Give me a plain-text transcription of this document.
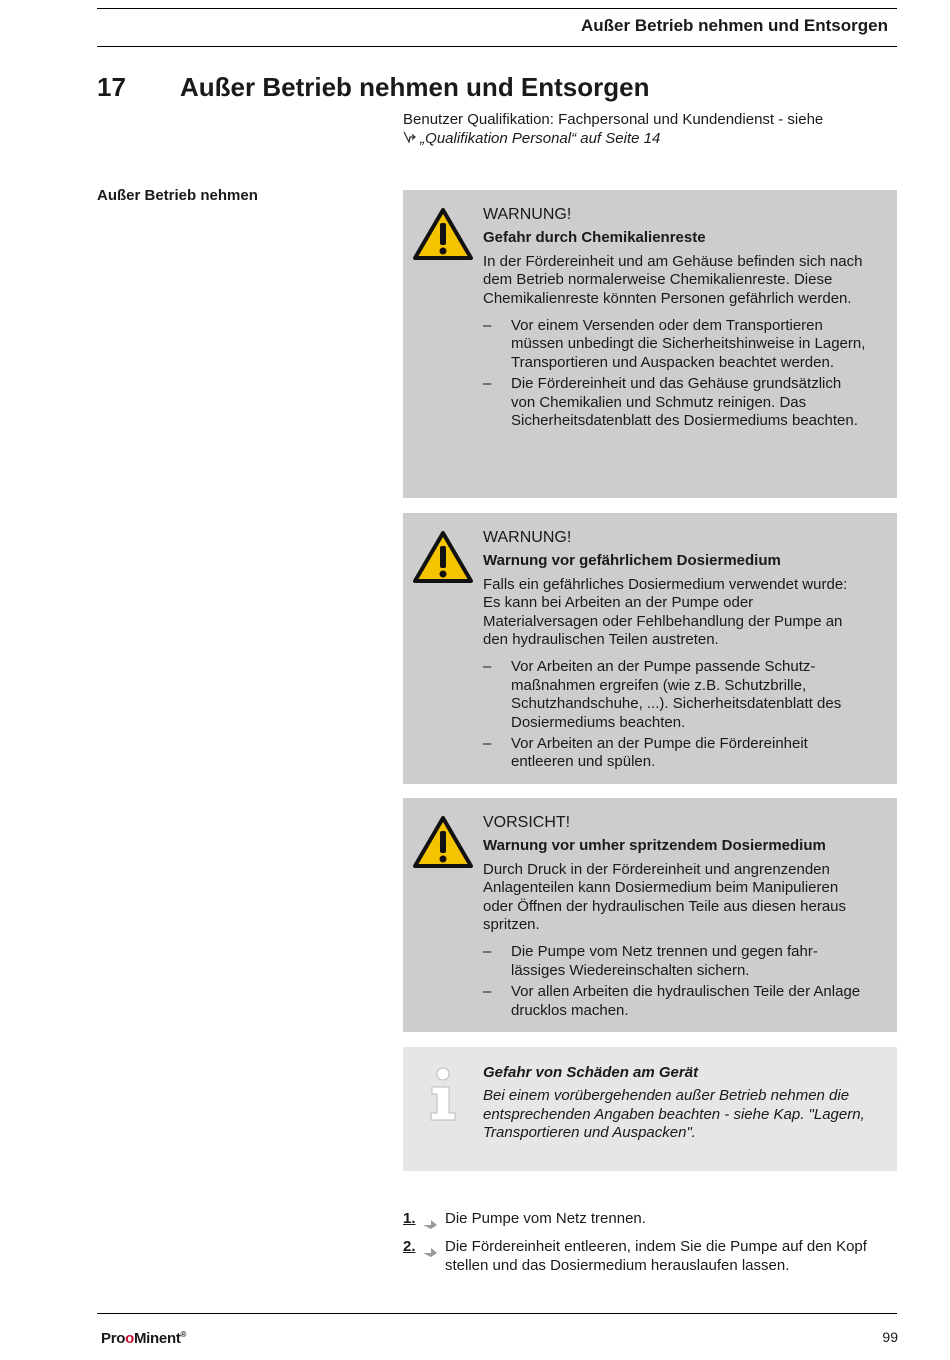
Außer Betrieb nehmen und Entsorgen
17 Außer Betrieb nehmen und Entsorgen
Benutzer Qualifikation: Fachpersonal und Kundendienst - siehe
„Qualifikation Personal“ auf Seite 14
Außer Betrieb nehmen
WARNUNG!
Gefahr durch Chemikalienreste
In der Fördereinheit und am Gehäuse befinden sich nach dem Betrieb normalerweise Chemikalienreste. Diese Chemikalienreste könnten Personen gefährlich werden.
– Vor einem Versenden oder dem Transportieren müssen unbedingt die Sicherheitshinweise in Lagern, Transportieren und Auspacken beachtet werden.
– Die Fördereinheit und das Gehäuse grundsätzlich von Chemikalien und Schmutz reinigen. Das Sicherheitsdatenblatt des Dosiermediums beachten.
WARNUNG!
Warnung vor gefährlichem Dosiermedium
Falls ein gefährliches Dosiermedium verwendet wurde: Es kann bei Arbeiten an der Pumpe oder Materialversagen oder Fehlbehandlung der Pumpe an den hydraulischen Teilen austreten.
– Vor Arbeiten an der Pumpe passende Schutzmaßnahmen ergreifen (wie z.B. Schutzbrille, Schutzhandschuhe, ...). Sicherheitsdatenblatt des Dosiermediums beachten.
– Vor Arbeiten an der Pumpe die Fördereinheit entleeren und spülen.
VORSICHT!
Warnung vor umher spritzendem Dosiermedium
Durch Druck in der Fördereinheit und angrenzenden Anlagenteilen kann Dosiermedium beim Manipulieren oder Öffnen der hydraulischen Teile aus diesen heraus spritzen.
– Die Pumpe vom Netz trennen und gegen fahrlässiges Wiedereinschalten sichern.
– Vor allen Arbeiten die hydraulischen Teile der Anlage drucklos machen.
Gefahr von Schäden am Gerät
Bei einem vorübergehenden außer Betrieb nehmen die entsprechenden Angaben beachten - siehe Kap. "Lagern, Transportieren und Auspacken".
1. Die Pumpe vom Netz trennen.
2. Die Fördereinheit entleeren, indem Sie die Pumpe auf den Kopf stellen und das Dosiermedium herauslaufen lassen.
ProoMinent®	99
